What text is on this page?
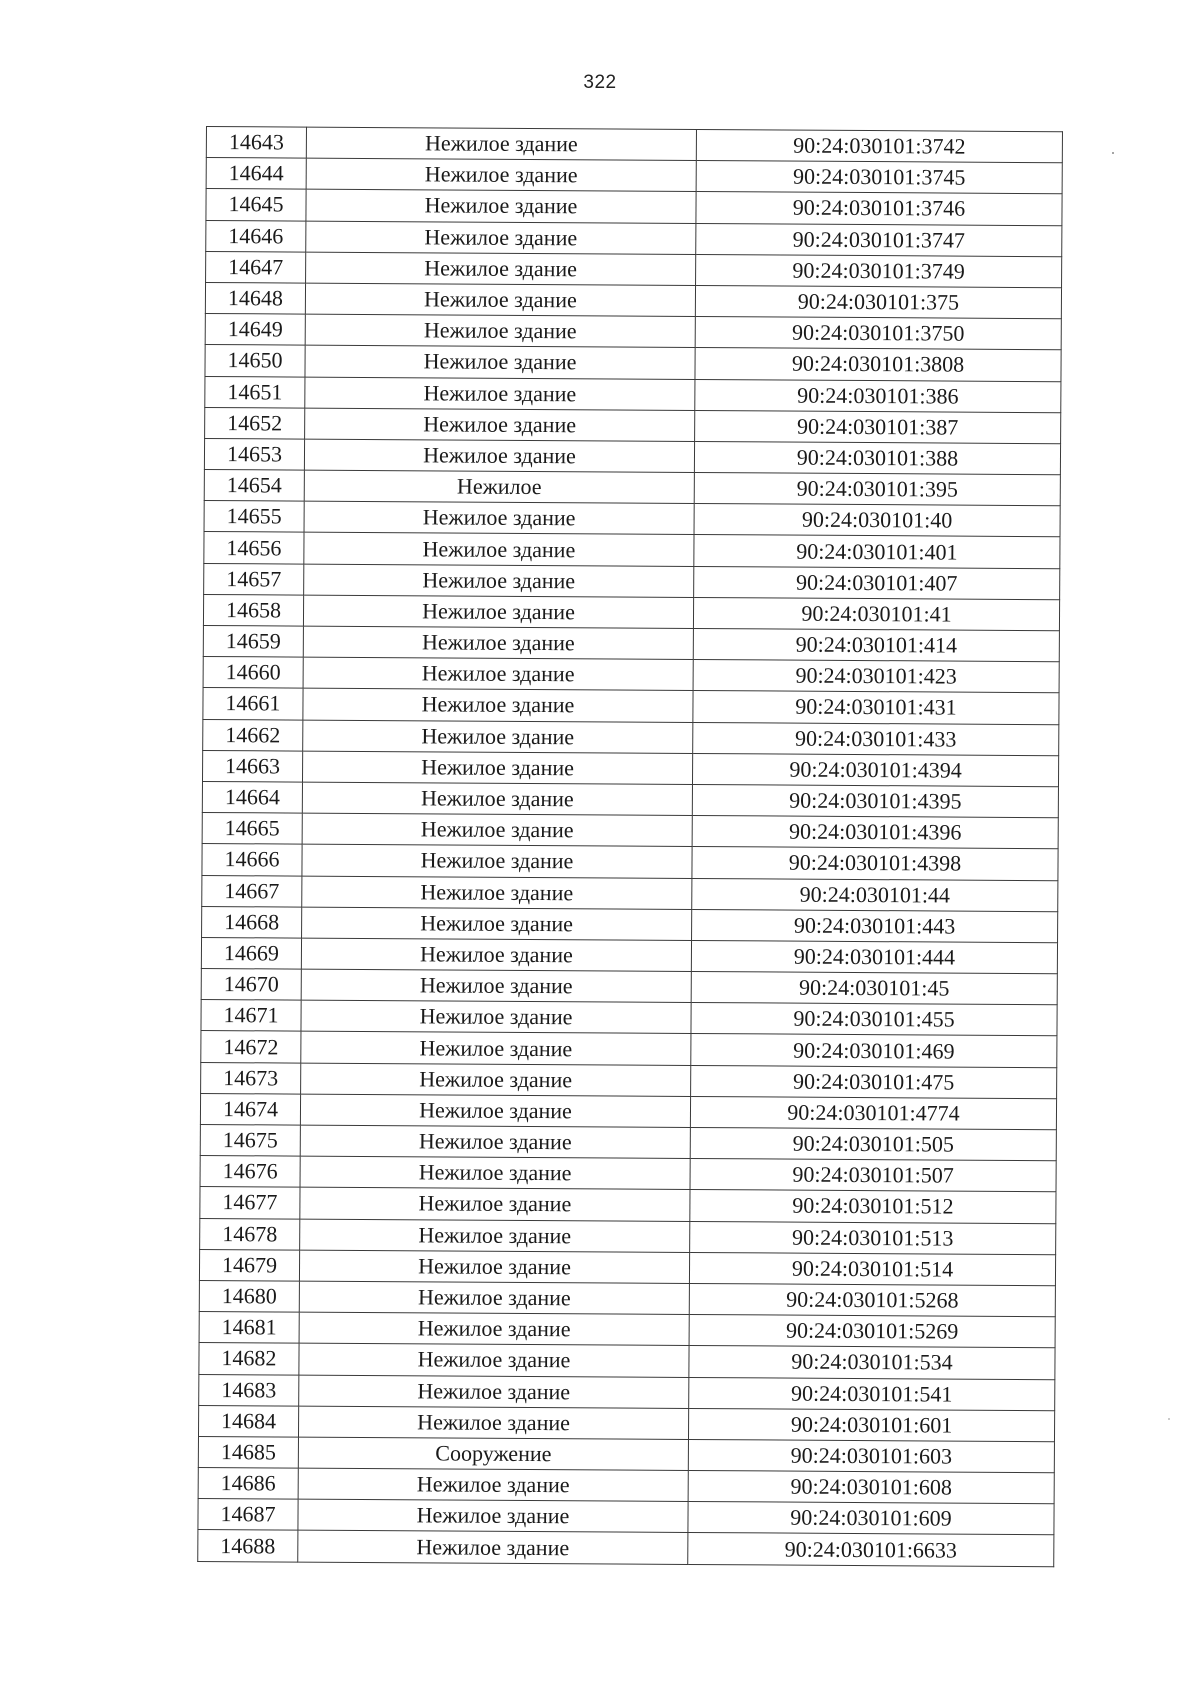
322
14643	Нежилое здание	90:24:030101:3742
14644	Нежилое здание	90:24:030101:3745
14645	Нежилое здание	90:24:030101:3746
14646	Нежилое здание	90:24:030101:3747
14647	Нежилое здание	90:24:030101:3749
14648	Нежилое здание	90:24:030101:375
14649	Нежилое здание	90:24:030101:3750
14650	Нежилое здание	90:24:030101:3808
14651	Нежилое здание	90:24:030101:386
14652	Нежилое здание	90:24:030101:387
14653	Нежилое здание	90:24:030101:388
14654	Нежилое	90:24:030101:395
14655	Нежилое здание	90:24:030101:40
14656	Нежилое здание	90:24:030101:401
14657	Нежилое здание	90:24:030101:407
14658	Нежилое здание	90:24:030101:41
14659	Нежилое здание	90:24:030101:414
14660	Нежилое здание	90:24:030101:423
14661	Нежилое здание	90:24:030101:431
14662	Нежилое здание	90:24:030101:433
14663	Нежилое здание	90:24:030101:4394
14664	Нежилое здание	90:24:030101:4395
14665	Нежилое здание	90:24:030101:4396
14666	Нежилое здание	90:24:030101:4398
14667	Нежилое здание	90:24:030101:44
14668	Нежилое здание	90:24:030101:443
14669	Нежилое здание	90:24:030101:444
14670	Нежилое здание	90:24:030101:45
14671	Нежилое здание	90:24:030101:455
14672	Нежилое здание	90:24:030101:469
14673	Нежилое здание	90:24:030101:475
14674	Нежилое здание	90:24:030101:4774
14675	Нежилое здание	90:24:030101:505
14676	Нежилое здание	90:24:030101:507
14677	Нежилое здание	90:24:030101:512
14678	Нежилое здание	90:24:030101:513
14679	Нежилое здание	90:24:030101:514
14680	Нежилое здание	90:24:030101:5268
14681	Нежилое здание	90:24:030101:5269
14682	Нежилое здание	90:24:030101:534
14683	Нежилое здание	90:24:030101:541
14684	Нежилое здание	90:24:030101:601
14685	Сооружение	90:24:030101:603
14686	Нежилое здание	90:24:030101:608
14687	Нежилое здание	90:24:030101:609
14688	Нежилое здание	90:24:030101:6633
